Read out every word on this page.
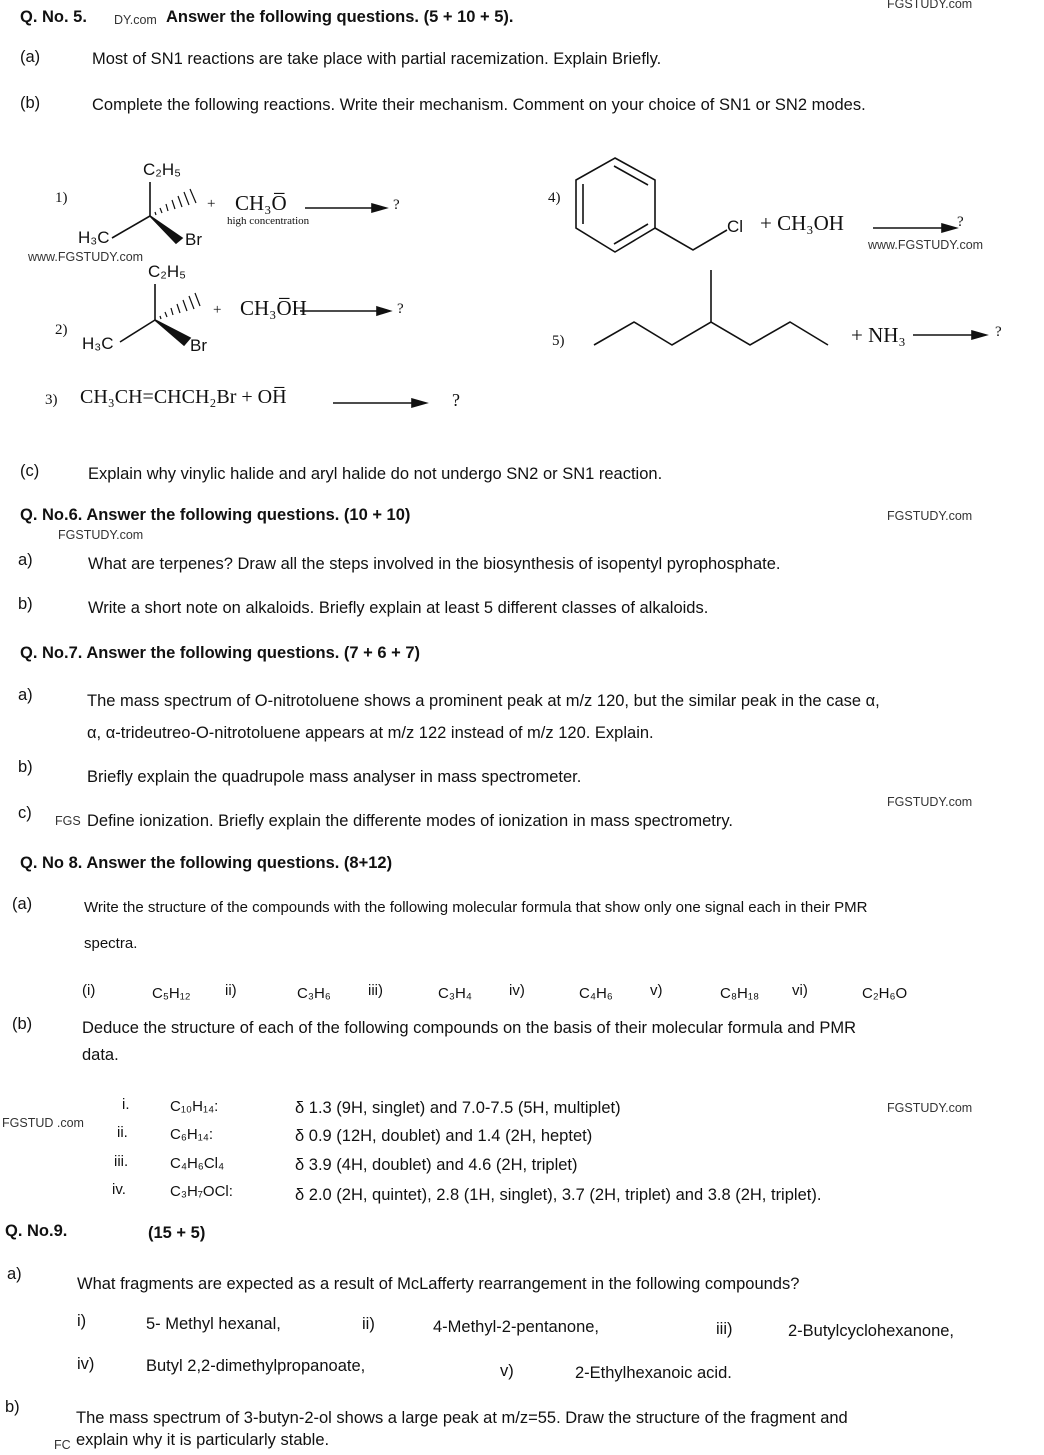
FGSTUDY.com
Q. No. 5. DY.com Answer the following questions. (5 + 10 + 5).
(a)	Most of SN1 reactions are take place with partial racemization. Explain Briefly.
(b)	Complete the following reactions. Write their mechanism. Comment on your choice of SN1 or SN2 modes.
1)
C₂H₅
H₃C	Br
+ CH₃O̅
high concentration
?
www.FGSTUDY.com
2)
C₂H₅
H₃C	Br
+ CH₃O̅H	?
3) CH₃CH=CHCH₂Br + OH̅	?
4)
Cl + CH₃OH	?
www.FGSTUDY.com
5)	+ NH₃	?
(c)	Explain why vinylic halide and aryl halide do not undergo SN2 or SN1 reaction.
Q. No.6. Answer the following questions. (10 + 10)
FGSTUDY.com
FGSTUDY.com
a)	What are terpenes? Draw all the steps involved in the biosynthesis of isopentyl pyrophosphate.
b)	Write a short note on alkaloids. Briefly explain at least 5 different classes of alkaloids.
Q. No.7. Answer the following questions. (7 + 6 + 7)
a)	The mass spectrum of O-nitrotoluene shows a prominent peak at m/z 120, but the similar peak in the case α,
α, α-trideutreo-O-nitrotoluene appears at m/z 122 instead of m/z 120. Explain.
b)
Briefly explain the quadrupole mass analyser in mass spectrometer.
FGSTUDY.com
c) FGS Define ionization. Briefly explain the differente modes of ionization in mass spectrometry.
Q. No 8. Answer the following questions. (8+12)
(a)	Write the structure of the compounds with the following molecular formula that show only one signal each in their PMR
spectra.
(i)	C₅H₁₂ ii)	C₃H₆ iii)	C₃H₄ iv)	C₄H₆ v)	C₈H₁₈ vi)	C₂H₆O
(b)	Deduce the structure of each of the following compounds on the basis of their molecular formula and PMR
data.
FGSTUD .com
FGSTUDY.com
i.	C₁₀H₁₄:	δ 1.3 (9H, singlet) and 7.0-7.5 (5H, multiplet)
ii.	C₆H₁₄:	δ 0.9 (12H, doublet) and 1.4 (2H, heptet)
iii.	C₄H₆Cl₄	δ 3.9 (4H, doublet) and 4.6 (2H, triplet)
iv.	C₃H₇OCl:	δ 2.0 (2H, quintet), 2.8 (1H, singlet), 3.7 (2H, triplet) and 3.8 (2H, triplet).
Q. No.9.	(15 + 5)
a)
What fragments are expected as a result of McLafferty rearrangement in the following compounds?
i)	5- Methyl hexanal,	ii)	4-Methyl-2-pentanone,	iii)	2-Butylcyclohexanone,
iv)	Butyl 2,2-dimethylpropanoate,	v)	2-Ethylhexanoic acid.
b)
The mass spectrum of 3-butyn-2-ol shows a large peak at m/z=55. Draw the structure of the fragment and
FC explain why it is particularly stable.
